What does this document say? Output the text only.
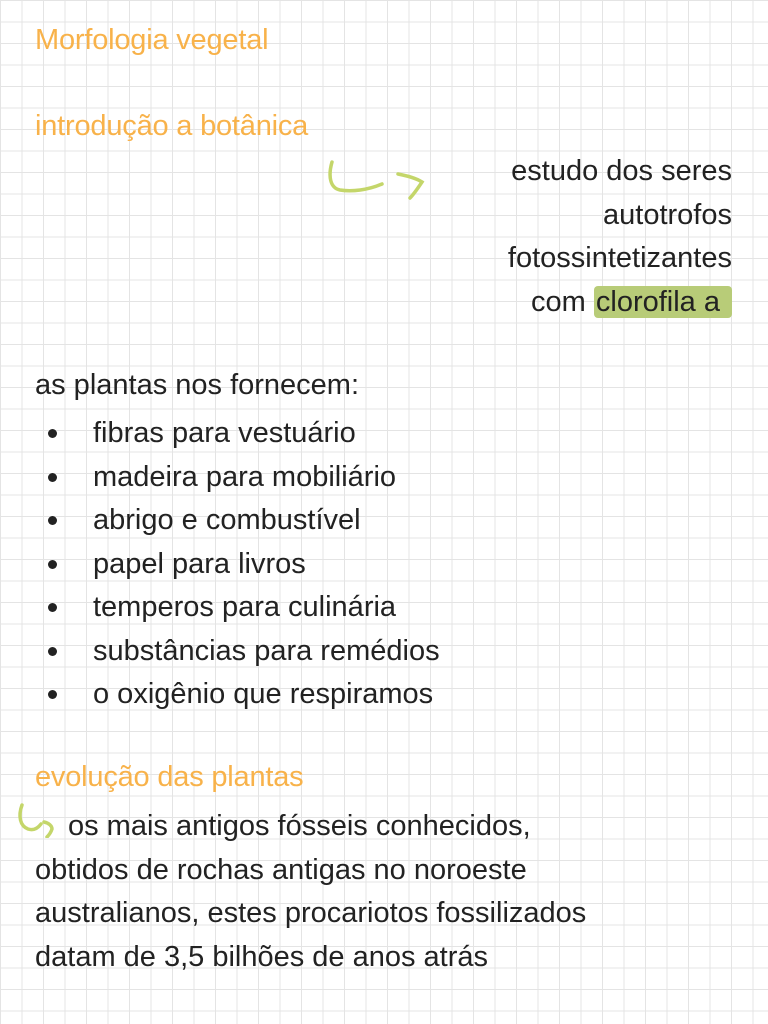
Morfologia vegetal
introdução a botânica
estudo dos seres
autotrofos
fotossintetizantes
com clorofila a

as plantas nos fornecem:

fibras para vestuário
madeira para mobiliário
abrigo e combustível
papel para livros
temperos para culinária
substâncias para remédios
o oxigênio que respiramos
evolução das plantas

os mais antigos fósseis conhecidos,
obtidos de rochas antigas no noroeste
australianos, estes procariotos fossilizados
datam de 3,5 bilhões de anos atrás
